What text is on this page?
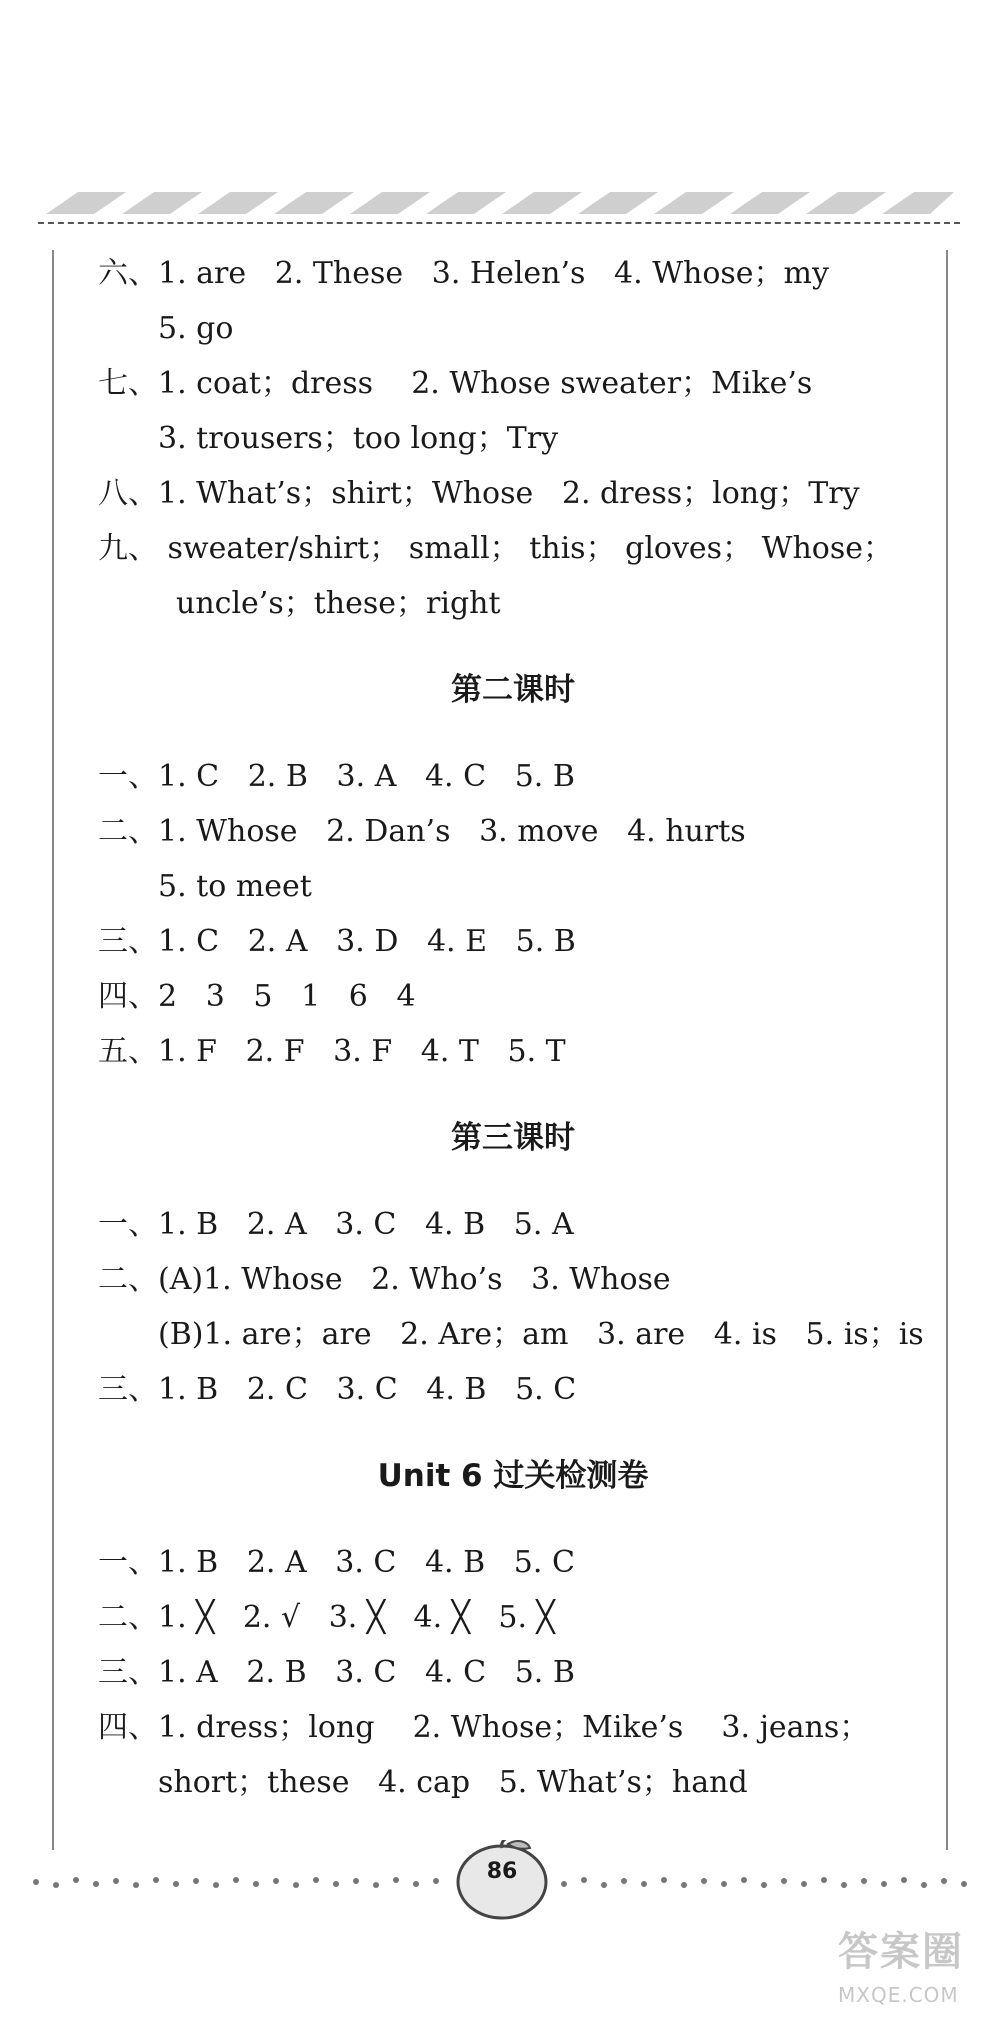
六、1. are   2. These   3. Helen’s   4. Whose；my
5. go
七、1. coat；dress    2. Whose sweater；Mike’s
3. trousers；too long；Try
八、1. What’s；shirt；Whose   2. dress；long；Try
九、 sweater/shirt； small； this； gloves； Whose；
uncle’s；these；right
第二课时
一、1. C   2. B   3. A   4. C   5. B
二、1. Whose   2. Dan’s   3. move   4. hurts
5. to meet
三、1. C   2. A   3. D   4. E   5. B
四、2   3   5   1   6   4
五、1. F   2. F   3. F   4. T   5. T
第三课时
一、1. B   2. A   3. C   4. B   5. A
二、(A)1. Whose   2. Who’s   3. Whose
(B)1. are；are   2. Are；am   3. are   4. is   5. is；is
三、1. B   2. C   3. C   4. B   5. C
Unit 6 过关检测卷
一、1. B   2. A   3. C   4. B   5. C
二、1. ╳   2. √   3. ╳   4. ╳   5. ╳
三、1. A   2. B   3. C   4. C   5. B
四、1. dress；long    2. Whose；Mike’s    3. jeans；
short；these   4. cap   5. What’s；hand
86
答案圈
MXQE.COM
